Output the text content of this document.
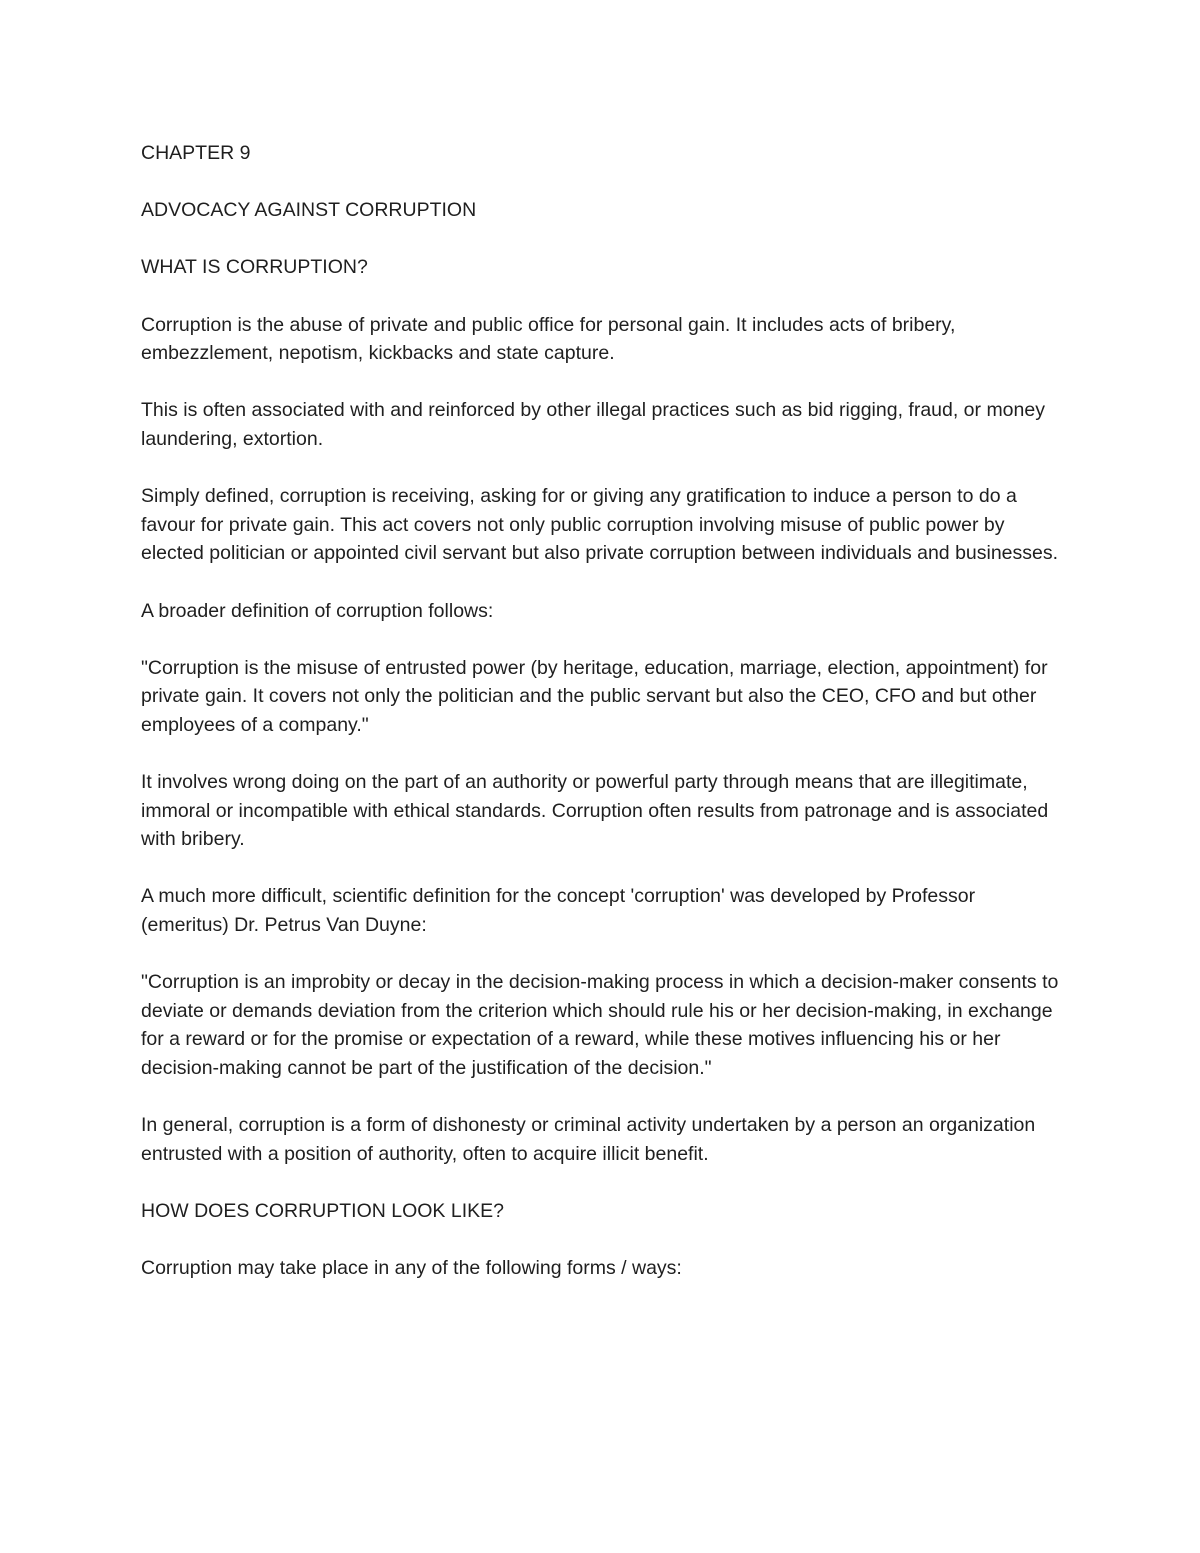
CHAPTER 9

ADVOCACY AGAINST CORRUPTION

WHAT IS CORRUPTION?

Corruption is the abuse of private and public office for personal gain. It includes acts of bribery, embezzlement, nepotism, kickbacks and state capture.

This is often associated with and reinforced by other illegal practices such as bid rigging, fraud, or money laundering, extortion.

Simply defined, corruption is receiving, asking for or giving any gratification to induce a person to do a favour for private gain. This act covers not only public corruption involving misuse of public power by elected politician or appointed civil servant but also private corruption between individuals and businesses.

A broader definition of corruption follows:

"Corruption is the misuse of entrusted power (by heritage, education, marriage, election, appointment) for private gain. It covers not only the politician and the public servant but also the CEO, CFO and but other employees of a company."

It involves wrong doing on the part of an authority or powerful party through means that are illegitimate, immoral or incompatible with ethical standards. Corruption often results from patronage and is associated with bribery.

A much more difficult, scientific definition for the concept 'corruption' was developed by Professor (emeritus) Dr. Petrus Van Duyne:

"Corruption is an improbity or decay in the decision-making process in which a decision-maker consents to deviate or demands deviation from the criterion which should rule his or her decision-making, in exchange for a reward or for the promise or expectation of a reward, while these motives influencing his or her decision-making cannot be part of the justification of the decision."

In general, corruption is a form of dishonesty or criminal activity undertaken by a person an organization entrusted with a position of authority, often to acquire illicit benefit.

HOW DOES CORRUPTION LOOK LIKE?

Corruption may take place in any of the following forms / ways:
